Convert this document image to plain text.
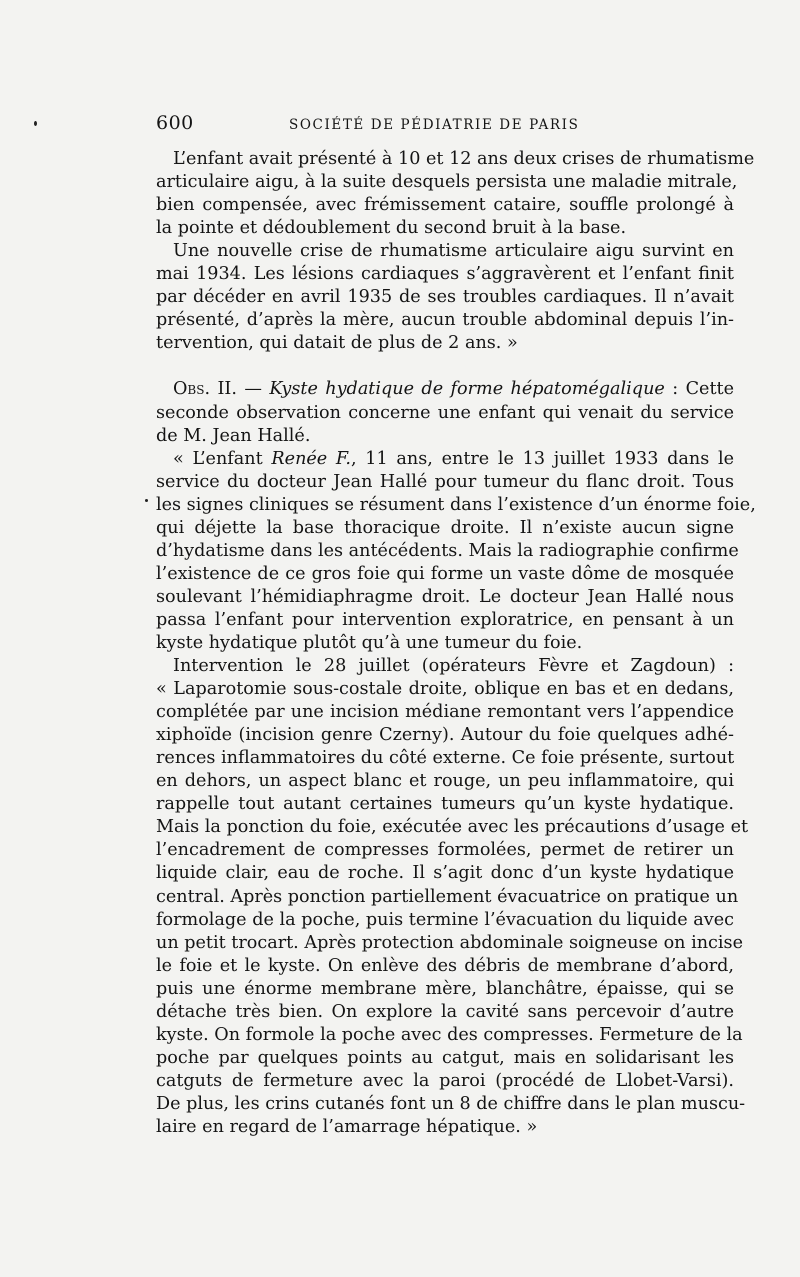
600	SOCIÉTÉ DE PÉDIATRIE DE PARIS
L’enfant avait présenté à 10 et 12 ans deux crises de rhumatisme
articulaire aigu, à la suite desquels persista une maladie mitrale,
bien compensée, avec frémissement cataire, souffle prolongé à
la pointe et dédoublement du second bruit à la base.
Une nouvelle crise de rhumatisme articulaire aigu survint en
mai 1934. Les lésions cardiaques s’aggravèrent et l’enfant finit
par décéder en avril 1935 de ses troubles cardiaques. Il n’avait
présenté, d’après la mère, aucun trouble abdominal depuis l’in-
tervention, qui datait de plus de 2 ans. »
Obs. II. — Kyste hydatique de forme hépatomégalique : Cette
seconde observation concerne une enfant qui venait du service
de M. Jean Hallé.
« L’enfant Renée F., 11 ans, entre le 13 juillet 1933 dans le
service du docteur Jean Hallé pour tumeur du flanc droit. Tous
les signes cliniques se résument dans l’existence d’un énorme foie,
qui déjette la base thoracique droite. Il n’existe aucun signe
d’hydatisme dans les antécédents. Mais la radiographie confirme
l’existence de ce gros foie qui forme un vaste dôme de mosquée
soulevant l’hémidiaphragme droit. Le docteur Jean Hallé nous
passa l’enfant pour intervention exploratrice, en pensant à un
kyste hydatique plutôt qu’à une tumeur du foie.
Intervention le 28 juillet (opérateurs Fèvre et Zagdoun) :
« Laparotomie sous-costale droite, oblique en bas et en dedans,
complétée par une incision médiane remontant vers l’appendice
xiphoïde (incision genre Czerny). Autour du foie quelques adhé-
rences inflammatoires du côté externe. Ce foie présente, surtout
en dehors, un aspect blanc et rouge, un peu inflammatoire, qui
rappelle tout autant certaines tumeurs qu’un kyste hydatique.
Mais la ponction du foie, exécutée avec les précautions d’usage et
l’encadrement de compresses formolées, permet de retirer un
liquide clair, eau de roche. Il s’agit donc d’un kyste hydatique
central. Après ponction partiellement évacuatrice on pratique un
formolage de la poche, puis termine l’évacuation du liquide avec
un petit trocart. Après protection abdominale soigneuse on incise
le foie et le kyste. On enlève des débris de membrane d’abord,
puis une énorme membrane mère, blanchâtre, épaisse, qui se
détache très bien. On explore la cavité sans percevoir d’autre
kyste. On formole la poche avec des compresses. Fermeture de la
poche par quelques points au catgut, mais en solidarisant les
catguts de fermeture avec la paroi (procédé de Llobet-Varsi).
De plus, les crins cutanés font un 8 de chiffre dans le plan muscu-
laire en regard de l’amarrage hépatique. »
